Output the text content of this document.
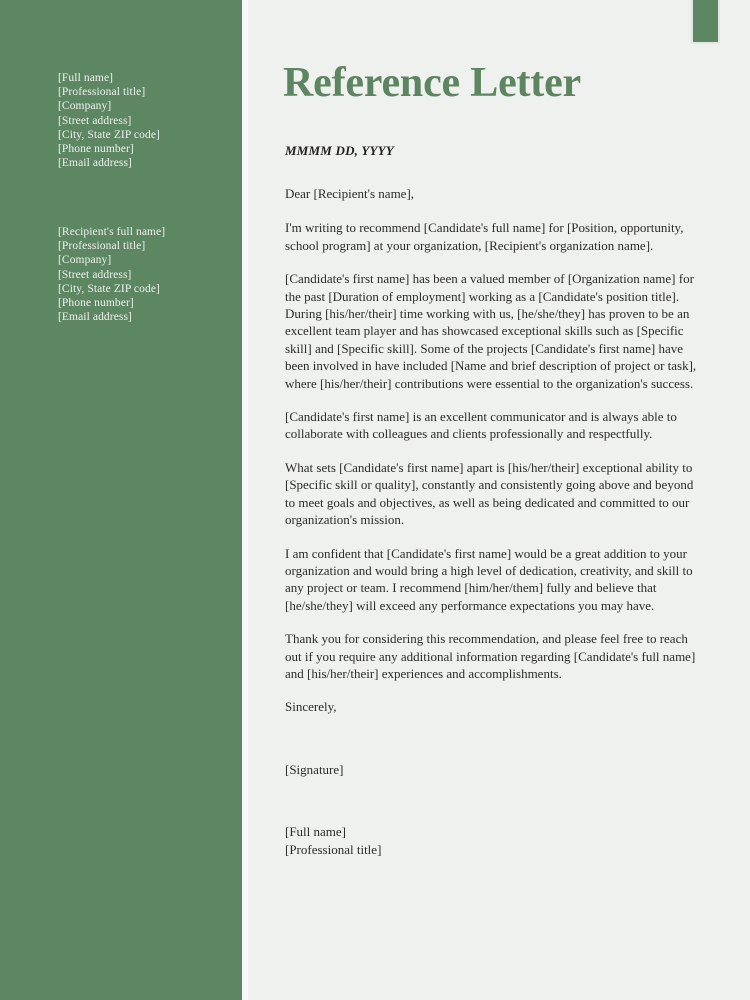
[Full name]
[Professional title]
[Company]
[Street address]
[City, State ZIP code]
[Phone number]
[Email address]
[Recipient's full name]
[Professional title]
[Company]
[Street address]
[City, State ZIP code]
[Phone number]
[Email address]
Reference Letter
MMMM DD, YYYY

Dear [Recipient's name],

I'm writing to recommend [Candidate's full name] for [Position, opportunity, school program] at your organization, [Recipient's organization name].

[Candidate's first name] has been a valued member of [Organization name] for the past [Duration of employment] working as a [Candidate's position title]. During [his/her/their] time working with us, [he/she/they] has proven to be an excellent team player and has showcased exceptional skills such as [Specific skill] and [Specific skill]. Some of the projects [Candidate's first name] have been involved in have included [Name and brief description of project or task], where [his/her/their] contributions were essential to the organization's success.

[Candidate's first name] is an excellent communicator and is always able to collaborate with colleagues and clients professionally and respectfully.

What sets [Candidate's first name] apart is [his/her/their] exceptional ability to [Specific skill or quality], constantly and consistently going above and beyond to meet goals and objectives, as well as being dedicated and committed to our organization's mission.

I am confident that [Candidate's first name] would be a great addition to your organization and would bring a high level of dedication, creativity, and skill to any project or team. I recommend [him/her/them] fully and believe that [he/she/they] will exceed any performance expectations you may have.

Thank you for considering this recommendation, and please feel free to reach out if you require any additional information regarding [Candidate's full name] and [his/her/their] experiences and accomplishments.

Sincerely,

[Signature]
[Full name]
[Professional title]
